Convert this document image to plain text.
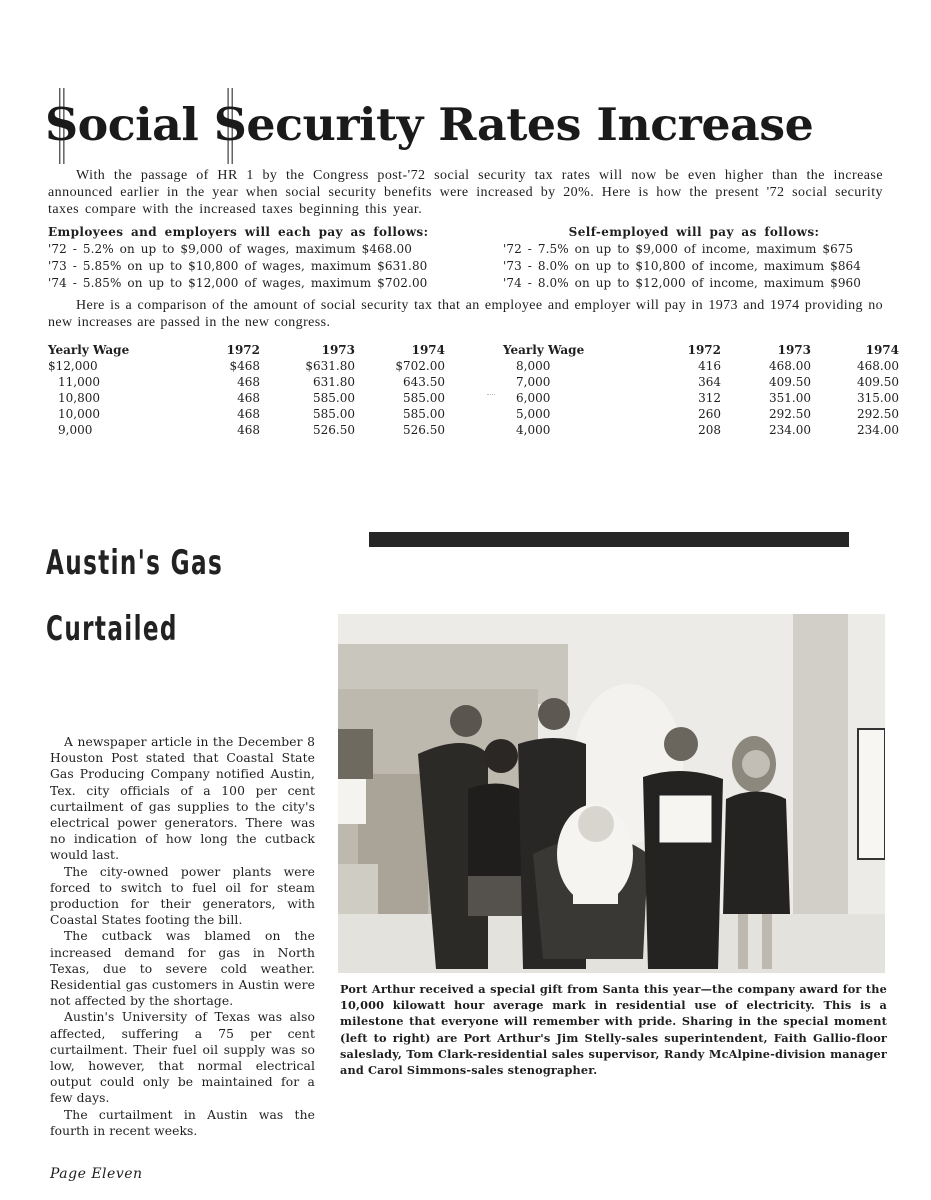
Social Security Rates Increase

With the passage of HR 1 by the Congress post-'72 social security tax rates will now be even higher than the increase announced earlier in the year when social security benefits were increased by 20%. Here is how the present '72 social security taxes compare with the increased taxes beginning this year.

Employees and employers will each pay as follows:
'72 - 5.2% on up to $9,000 of wages, maximum $468.00
'73 - 5.85% on up to $10,800 of wages, maximum $631.80
'74 - 5.85% on up to $12,000 of wages, maximum $702.00
Self-employed will pay as follows:
'72 - 7.5% on up to $9,000 of income, maximum $675
'73 - 8.0% on up to $10,800 of income, maximum $864
'74 - 8.0% on up to $12,000 of income, maximum $960

Here is a comparison of the amount of social security tax that an employee and employer will pay in 1973 and 1974 providing no new increases are passed in the new congress.

Yearly Wage	1972	1973	1974
$12,000	$468	$631.80	$702.00
11,000	468	631.80	643.50
10,800	468	585.00	585.00
10,000	468	585.00	585.00
9,000	468	526.50	526.50
Yearly Wage	1972	1973	1974
8,000	416	468.00	468.00
7,000	364	409.50	409.50
6,000	312	351.00	315.00
5,000	260	292.50	292.50
4,000	208	234.00	234.00
Austin's Gas
Curtailed

A newspaper article in the December 8 Houston Post stated that Coastal State Gas Producing Company notified Austin, Tex. city officials of a 100 per cent curtailment of gas supplies to the city's electrical power generators. There was no indication of how long the cutback would last.

The city-owned power plants were forced to switch to fuel oil for steam production for their generators, with Coastal States footing the bill.

The cutback was blamed on the increased demand for gas in North Texas, due to severe cold weather. Residential gas customers in Austin were not affected by the shortage.

Austin's University of Texas was also affected, suffering a 75 per cent curtailment. Their fuel oil supply was so low, however, that normal electrical output could only be maintained for a few days.

The curtailment in Austin was the fourth in recent weeks.

Port Arthur received a special gift from Santa this year—the company award for the 10,000 kilowatt hour average mark in residential use of electricity. This is a milestone that everyone will remember with pride. Sharing in the special moment (left to right) are Port Arthur's Jim Stelly-sales superintendent, Faith Gallio-floor saleslady, Tom Clark-residential sales supervisor, Randy McAlpine-division manager and Carol Simmons-sales stenographer.

Page Eleven
